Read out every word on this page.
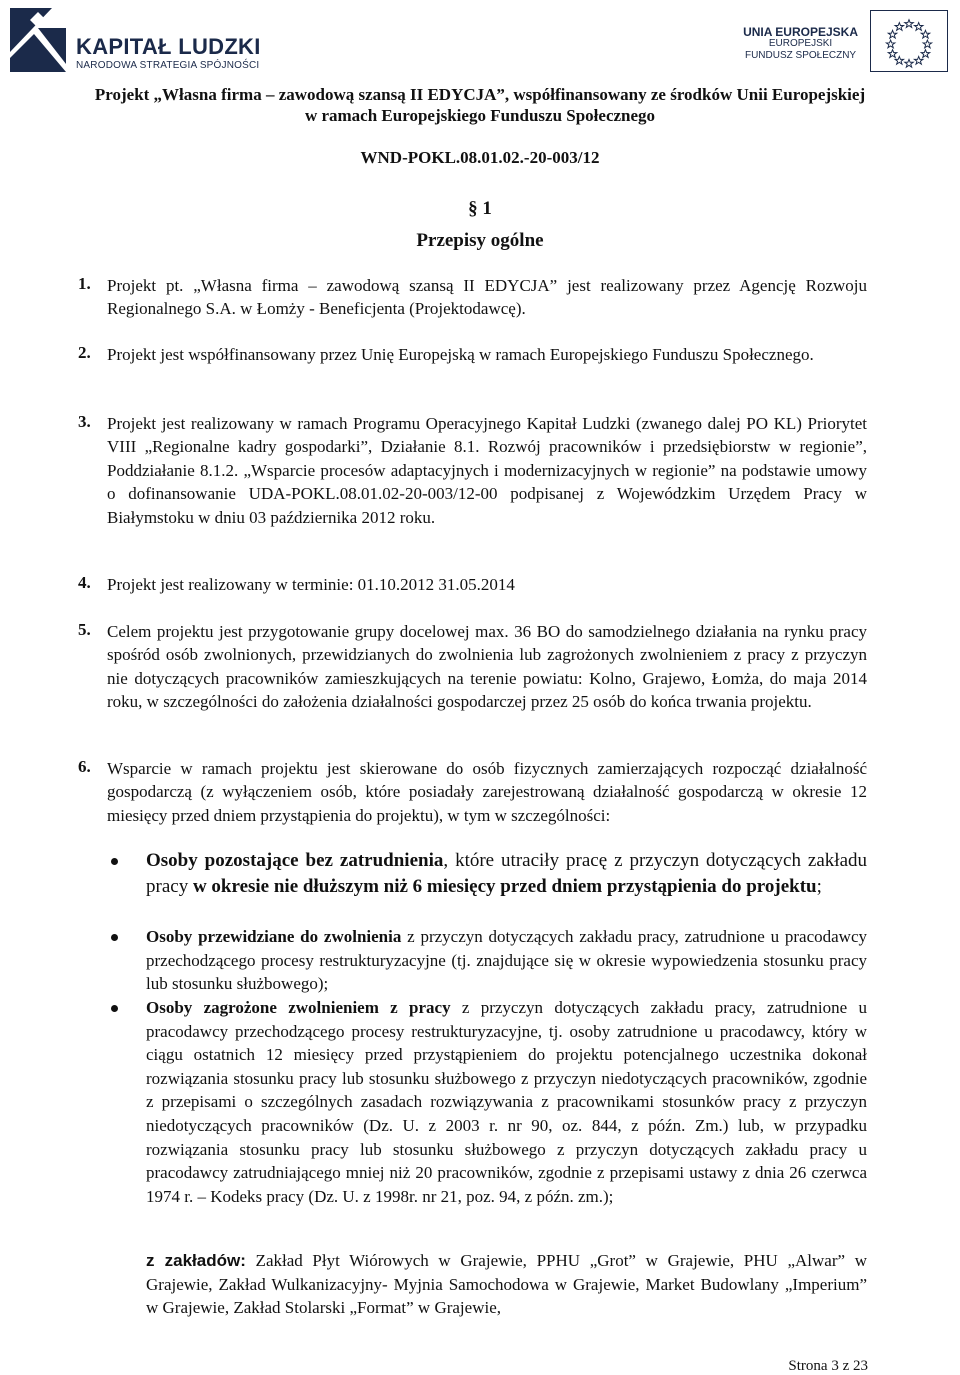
KAPITAŁ LUDZKI
NARODOWA STRATEGIA SPÓJNOŚCI
UNIA EUROPEJSKA
EUROPEJSKI
FUNDUSZ SPOŁECZNY
Projekt „Własna firma – zawodową szansą II EDYCJA”, współfinansowany ze środków Unii Europejskiej
w ramach Europejskiego Funduszu Społecznego
WND-POKL.08.01.02.-20-003/12
§ 1
Przepisy ogólne
1. Projekt pt. „Własna firma – zawodową szansą II EDYCJA” jest realizowany przez Agencję Rozwoju Regionalnego S.A. w Łomży - Beneficjenta (Projektodawcę).
2. Projekt jest współfinansowany przez Unię Europejską w ramach Europejskiego Funduszu Społecznego.
3. Projekt jest realizowany w ramach Programu Operacyjnego Kapitał Ludzki (zwanego dalej PO KL) Priorytet VIII „Regionalne kadry gospodarki”, Działanie 8.1. Rozwój pracowników i przedsiębiorstw w regionie”, Poddziałanie 8.1.2. „Wsparcie procesów adaptacyjnych i modernizacyjnych w regionie” na podstawie umowy o dofinansowanie UDA-POKL.08.01.02-20-003/12-00 podpisanej z Wojewódzkim Urzędem Pracy w Białymstoku w dniu 03 października 2012 roku.
4. Projekt jest realizowany w terminie: 01.10.2012 31.05.2014
5. Celem projektu jest przygotowanie grupy docelowej max. 36 BO do samodzielnego działania na rynku pracy spośród osób zwolnionych, przewidzianych do zwolnienia lub zagrożonych zwolnieniem z pracy z przyczyn nie dotyczących pracowników zamieszkujących na terenie powiatu: Kolno, Grajewo, Łomża, do maja 2014 roku, w szczególności do założenia działalności gospodarczej przez 25 osób do końca trwania projektu.
6. Wsparcie w ramach projektu jest skierowane do osób fizycznych zamierzających rozpocząć działalność gospodarczą (z wyłączeniem osób, które posiadały zarejestrowaną działalność gospodarczą w okresie 12 miesięcy przed dniem przystąpienia do projektu), w tym w szczególności:
Osoby pozostające bez zatrudnienia, które utraciły pracę z przyczyn dotyczących zakładu pracy w okresie nie dłuższym niż 6 miesięcy przed dniem przystąpienia do projektu;
Osoby przewidziane do zwolnienia z przyczyn dotyczących zakładu pracy, zatrudnione u pracodawcy przechodzącego procesy restrukturyzacyjne (tj. znajdujące się w okresie wypowiedzenia stosunku pracy lub stosunku służbowego);
Osoby zagrożone zwolnieniem z pracy z przyczyn dotyczących zakładu pracy, zatrudnione u pracodawcy przechodzącego procesy restrukturyzacyjne, tj. osoby zatrudnione u pracodawcy, który w ciągu ostatnich 12 miesięcy przed przystąpieniem do projektu potencjalnego uczestnika dokonał rozwiązania stosunku pracy lub stosunku służbowego z przyczyn niedotyczących pracowników, zgodnie z przepisami o szczególnych zasadach rozwiązywania z pracownikami stosunków pracy z przyczyn niedotyczących pracowników (Dz. U. z 2003 r. nr 90, oz. 844, z późn. Zm.) lub, w przypadku rozwiązania stosunku pracy lub stosunku służbowego z przyczyn dotyczących zakładu pracy u pracodawcy zatrudniającego mniej niż 20 pracowników, zgodnie z przepisami ustawy z dnia 26 czerwca 1974 r. – Kodeks pracy (Dz. U. z 1998r. nr 21, poz. 94, z późn. zm.);
z zakładów: Zakład Płyt Wiórowych w Grajewie, PPHU „Grot” w Grajewie, PHU „Alwar” w Grajewie, Zakład Wulkanizacyjny- Myjnia Samochodowa w Grajewie, Market Budowlany „Imperium” w Grajewie, Zakład Stolarski „Format” w Grajewie,
Strona 3 z 23
